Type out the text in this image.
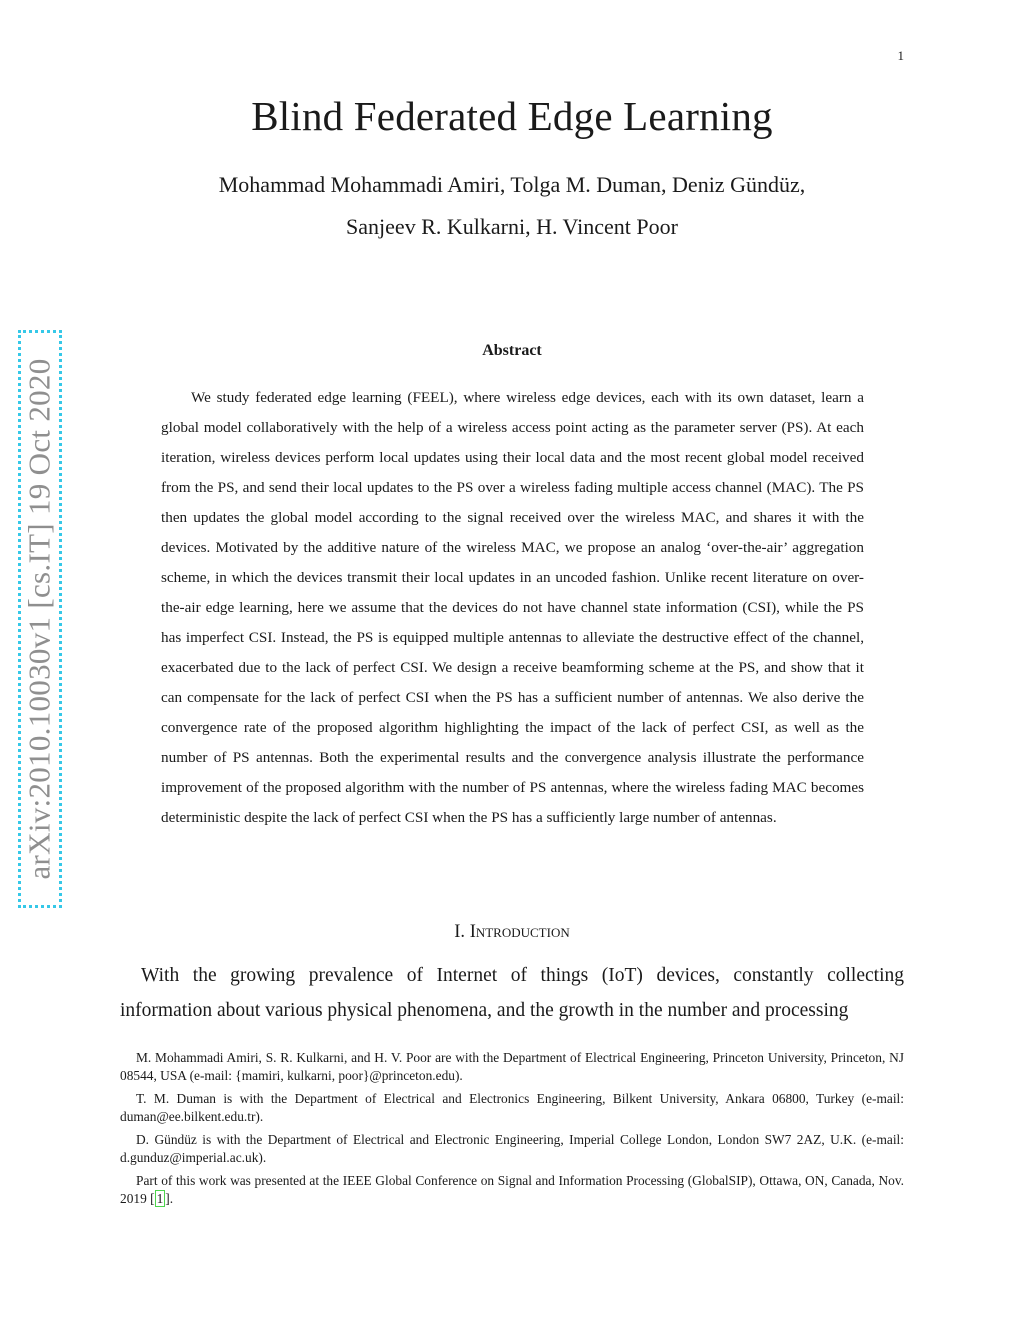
1
Blind Federated Edge Learning
Mohammad Mohammadi Amiri, Tolga M. Duman, Deniz Gündüz,
Sanjeev R. Kulkarni, H. Vincent Poor
arXiv:2010.10030v1 [cs.IT] 19 Oct 2020
Abstract

We study federated edge learning (FEEL), where wireless edge devices, each with its own dataset, learn a global model collaboratively with the help of a wireless access point acting as the parameter server (PS). At each iteration, wireless devices perform local updates using their local data and the most recent global model received from the PS, and send their local updates to the PS over a wireless fading multiple access channel (MAC). The PS then updates the global model according to the signal received over the wireless MAC, and shares it with the devices. Motivated by the additive nature of the wireless MAC, we propose an analog ‘over-the-air’ aggregation scheme, in which the devices transmit their local updates in an uncoded fashion. Unlike recent literature on over-the-air edge learning, here we assume that the devices do not have channel state information (CSI), while the PS has imperfect CSI. Instead, the PS is equipped multiple antennas to alleviate the destructive effect of the channel, exacerbated due to the lack of perfect CSI. We design a receive beamforming scheme at the PS, and show that it can compensate for the lack of perfect CSI when the PS has a sufficient number of antennas. We also derive the convergence rate of the proposed algorithm highlighting the impact of the lack of perfect CSI, as well as the number of PS antennas. Both the experimental results and the convergence analysis illustrate the performance improvement of the proposed algorithm with the number of PS antennas, where the wireless fading MAC becomes deterministic despite the lack of perfect CSI when the PS has a sufficiently large number of antennas.

I. Introduction

With the growing prevalence of Internet of things (IoT) devices, constantly collecting information about various physical phenomena, and the growth in the number and processing

M. Mohammadi Amiri, S. R. Kulkarni, and H. V. Poor are with the Department of Electrical Engineering, Princeton University, Princeton, NJ 08544, USA (e-mail: {mamiri, kulkarni, poor}@princeton.edu).

T. M. Duman is with the Department of Electrical and Electronics Engineering, Bilkent University, Ankara 06800, Turkey (e-mail: duman@ee.bilkent.edu.tr).

D. Gündüz is with the Department of Electrical and Electronic Engineering, Imperial College London, London SW7 2AZ, U.K. (e-mail: d.gunduz@imperial.ac.uk).

Part of this work was presented at the IEEE Global Conference on Signal and Information Processing (GlobalSIP), Ottawa, ON, Canada, Nov. 2019 [ 1 ].
